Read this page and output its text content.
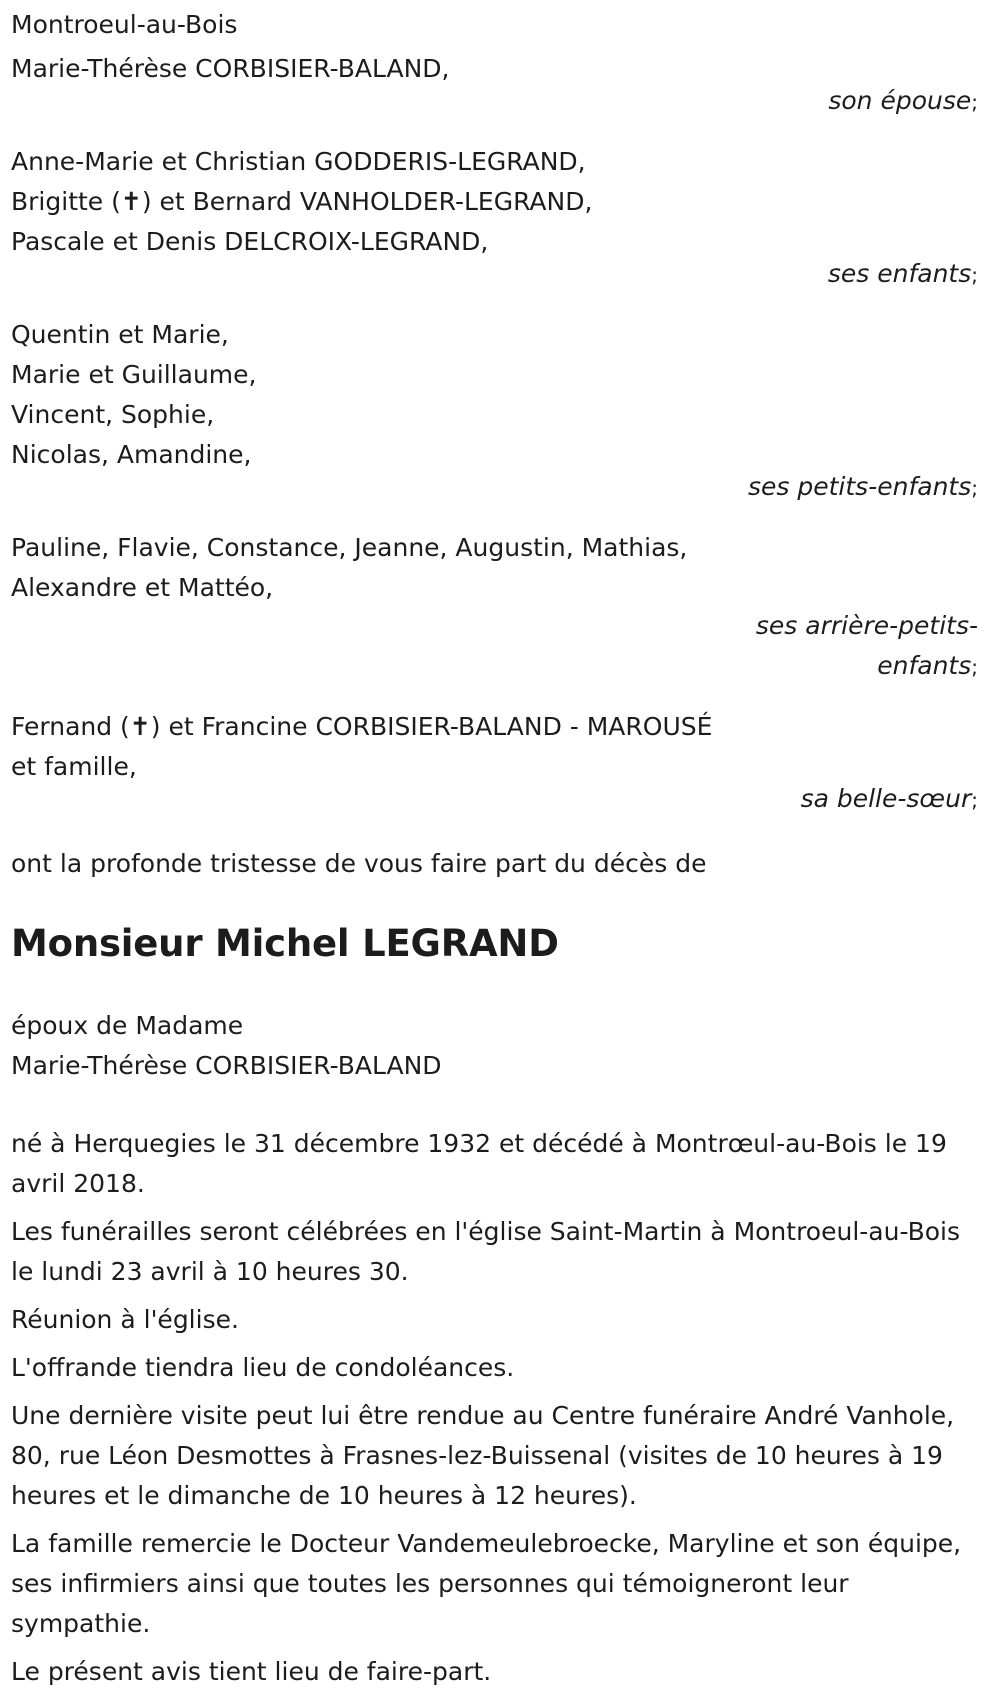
Montroeul-au-Bois
Marie-Thérèse CORBISIER-BALAND,
son épouse;
Anne-Marie et Christian GODDERIS-LEGRAND,
Brigitte (✝) et Bernard VANHOLDER-LEGRAND,
Pascale et Denis DELCROIX-LEGRAND,
ses enfants;
Quentin et Marie,
Marie et Guillaume,
Vincent, Sophie,
Nicolas, Amandine,
ses petits-enfants;
Pauline, Flavie, Constance, Jeanne, Augustin, Mathias,
Alexandre et Mattéo,
ses arrière-petits-
enfants;
Fernand (✝) et Francine CORBISIER-BALAND - MAROUSÉ
et famille,
sa belle-sœur;
ont la profonde tristesse de vous faire part du décès de
Monsieur Michel LEGRAND
époux de Madame
Marie-Thérèse CORBISIER-BALAND

né à Herquegies le 31 décembre 1932 et décédé à Montrœul-au-Bois le 19 avril 2018.

Les funérailles seront célébrées en l'église Saint-Martin à Montroeul-au-Bois le lundi 23 avril à 10 heures 30.

Réunion à l'église.

L'offrande tiendra lieu de condoléances.

Une dernière visite peut lui être rendue au Centre funéraire André Vanhole, 80, rue Léon Desmottes à Frasnes-lez-Buissenal (visites de 10 heures à 19 heures et le dimanche de 10 heures à 12 heures).

La famille remercie le Docteur Vandemeulebroecke, Maryline et son équipe, ses infirmiers ainsi que toutes les personnes qui témoigneront leur sympathie.

Le présent avis tient lieu de faire-part.
